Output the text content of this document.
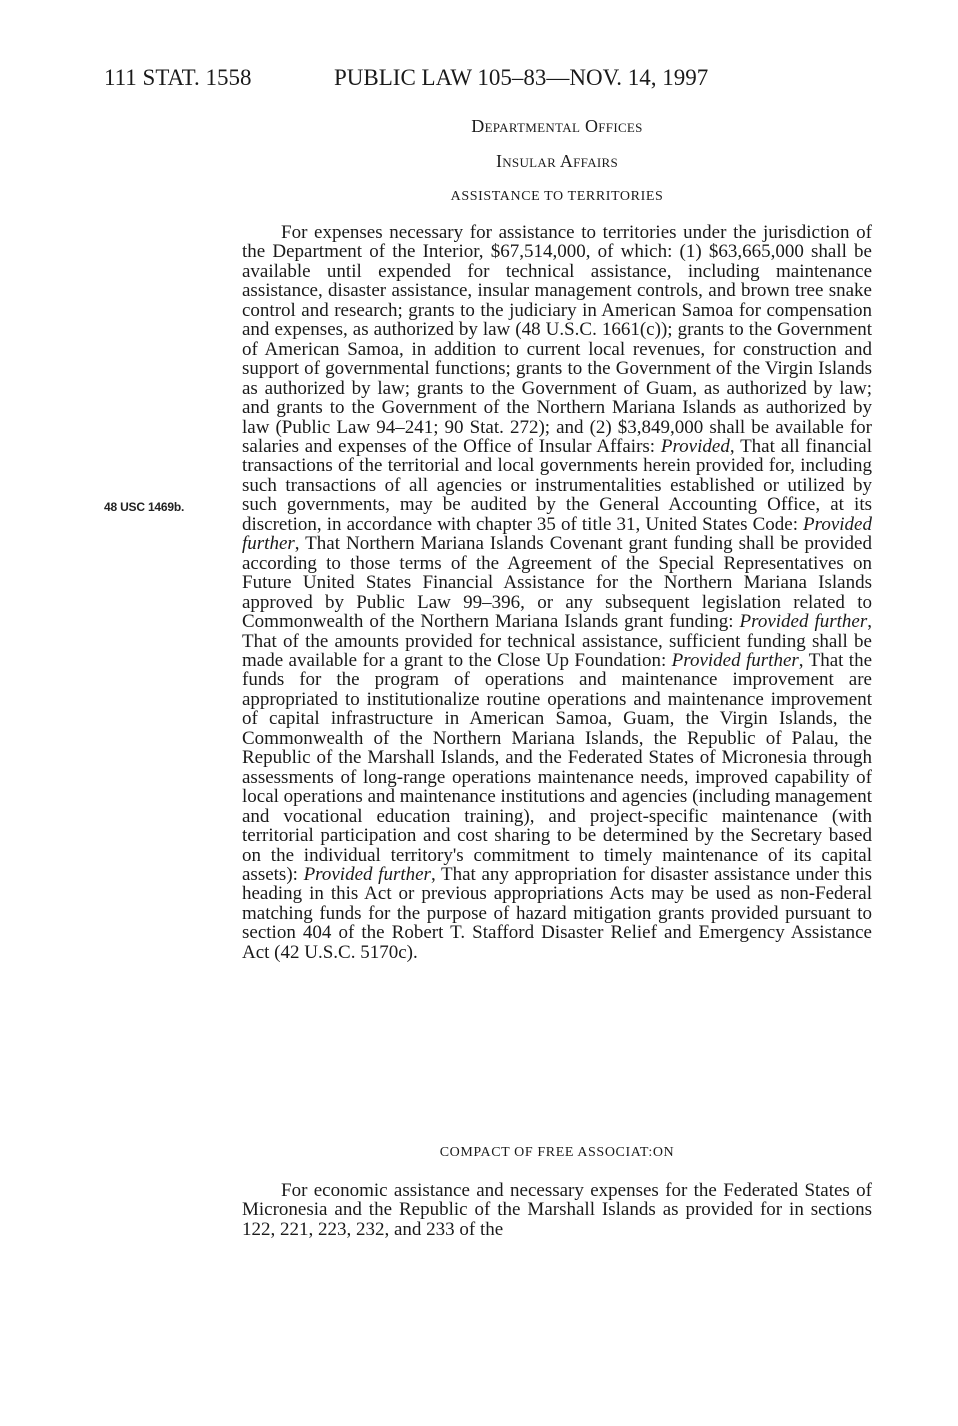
111 STAT. 1558	PUBLIC LAW 105–83—NOV. 14, 1997
Departmental Offices
Insular Affairs
ASSISTANCE TO TERRITORIES
48 USC 1469b.

For expenses necessary for assistance to territories under the jurisdiction of the Department of the Interior, $67,514,000, of which: (1) $63,665,000 shall be available until expended for technical assistance, including maintenance assistance, disaster assistance, insular management controls, and brown tree snake control and research; grants to the judiciary in American Samoa for compensation and expenses, as authorized by law (48 U.S.C. 1661(c)); grants to the Government of American Samoa, in addition to current local revenues, for construction and support of governmental functions; grants to the Government of the Virgin Islands as authorized by law; grants to the Government of Guam, as authorized by law; and grants to the Government of the Northern Mariana Islands as authorized by law (Public Law 94–241; 90 Stat. 272); and (2) $3,849,000 shall be available for salaries and expenses of the Office of Insular Affairs: Provided, That all financial transactions of the territorial and local governments herein provided for, including such transactions of all agencies or instrumentalities established or utilized by such governments, may be audited by the General Accounting Office, at its discretion, in accordance with chapter 35 of title 31, United States Code: Provided further, That Northern Mariana Islands Covenant grant funding shall be provided according to those terms of the Agreement of the Special Representatives on Future United States Financial Assistance for the Northern Mariana Islands approved by Public Law 99–396, or any subsequent legislation related to Commonwealth of the Northern Mariana Islands grant funding: Provided further, That of the amounts provided for technical assistance, sufficient funding shall be made available for a grant to the Close Up Foundation: Provided further, That the funds for the program of operations and maintenance improvement are appropriated to institutionalize routine operations and maintenance improvement of capital infrastructure in American Samoa, Guam, the Virgin Islands, the Commonwealth of the Northern Mariana Islands, the Republic of Palau, the Republic of the Marshall Islands, and the Federated States of Micronesia through assessments of long-range operations maintenance needs, improved capability of local operations and maintenance institutions and agencies (including management and vocational education training), and project-specific maintenance (with territorial participation and cost sharing to be determined by the Secretary based on the individual territory's commitment to timely maintenance of its capital assets): Provided further, That any appropriation for disaster assistance under this heading in this Act or previous appropriations Acts may be used as non-Federal matching funds for the purpose of hazard mitigation grants provided pursuant to section 404 of the Robert T. Stafford Disaster Relief and Emergency Assistance Act (42 U.S.C. 5170c).

COMPACT OF FREE ASSOCIAT:ON

For economic assistance and necessary expenses for the Federated States of Micronesia and the Republic of the Marshall Islands as provided for in sections 122, 221, 223, 232, and 233 of the
